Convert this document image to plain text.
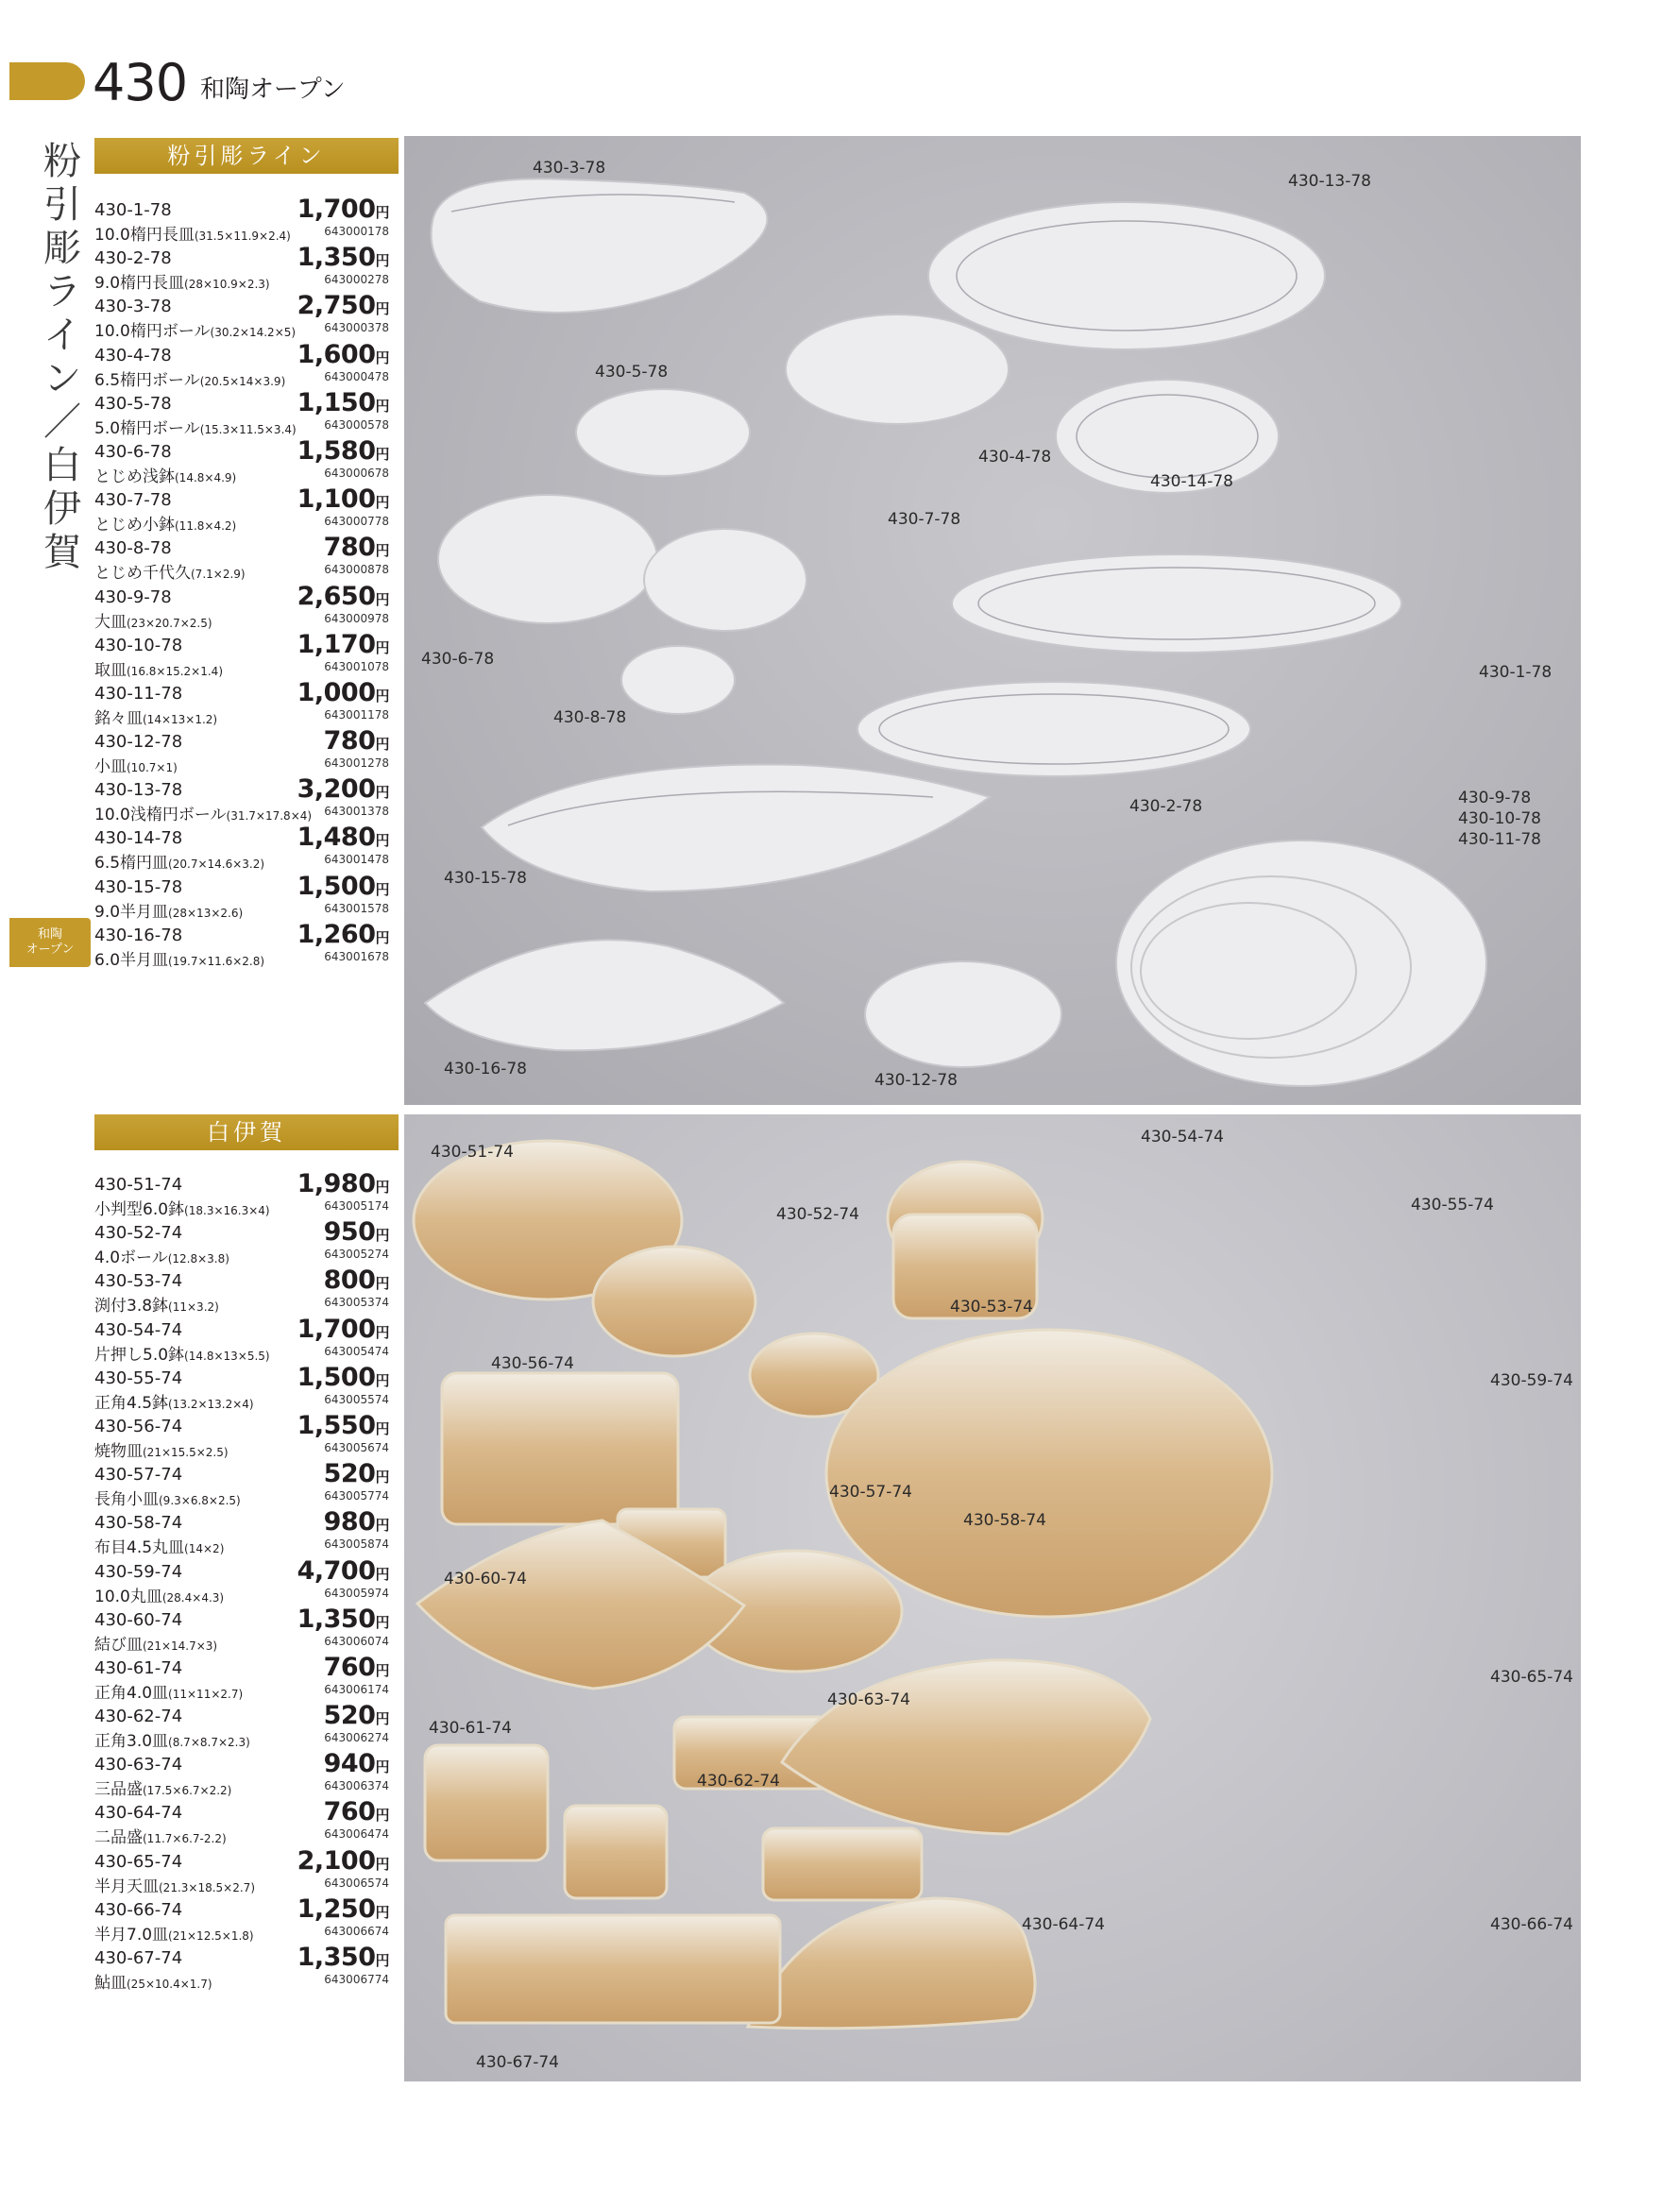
430 和陶オープン
粉引彫ライン／白伊賀
和陶
オープン
粉引彫ライン
430-1-78	1,700円
10.0楕円長皿(31.5×11.9×2.4)	643000178
430-2-78	1,350円
9.0楕円長皿(28×10.9×2.3)	643000278
430-3-78	2,750円
10.0楕円ボール(30.2×14.2×5)	643000378
430-4-78	1,600円
6.5楕円ボール(20.5×14×3.9)	643000478
430-5-78	1,150円
5.0楕円ボール(15.3×11.5×3.4) 643000578
430-6-78	1,580円
とじめ浅鉢(14.8×4.9)	643000678
430-7-78	1,100円
とじめ小鉢(11.8×4.2)	643000778
430-8-78	780円
とじめ千代久(7.1×2.9)	643000878
430-9-78	2,650円
大皿(23×20.7×2.5)	643000978
430-10-78	1,170円
取皿(16.8×15.2×1.4)	643001078
430-11-78	1,000円
銘々皿(14×13×1.2)	643001178
430-12-78	780円
小皿(10.7×1)	643001278
430-13-78	3,200円
10.0浅楕円ボール(31.7×17.8×4) 643001378
430-14-78	1,480円
6.5楕円皿(20.7×14.6×3.2)	643001478
430-15-78	1,500円
9.0半月皿(28×13×2.6)	643001578
430-16-78	1,260円
6.0半月皿(19.7×11.6×2.8)	643001678
白伊賀
430-51-74	1,980円
小判型6.0鉢(18.3×16.3×4)	643005174
430-52-74	950円
4.0ボール(12.8×3.8)	643005274
430-53-74	800円
渕付3.8鉢(11×3.2)	643005374
430-54-74	1,700円
片押し5.0鉢(14.8×13×5.5)	643005474
430-55-74	1,500円
正角4.5鉢(13.2×13.2×4)	643005574
430-56-74	1,550円
焼物皿(21×15.5×2.5)	643005674
430-57-74	520円
長角小皿(9.3×6.8×2.5)	643005774
430-58-74	980円
布目4.5丸皿(14×2)	643005874
430-59-74	4,700円
10.0丸皿(28.4×4.3)	643005974
430-60-74	1,350円
結び皿(21×14.7×3)	643006074
430-61-74	760円
正角4.0皿(11×11×2.7)	643006174
430-62-74	520円
正角3.0皿(8.7×8.7×2.3)	643006274
430-63-74	940円
三品盛(17.5×6.7×2.2)	643006374
430-64-74	760円
二品盛(11.7×6.7-2.2)	643006474
430-65-74	2,100円
半月天皿(21.3×18.5×2.7)	643006574
430-66-74	1,250円
半月7.0皿(21×12.5×1.8)	643006674
430-67-74	1,350円
鮎皿(25×10.4×1.7)	643006774
430-3-78
430-13-78
430-5-78
430-4-78
430-14-78
430-7-78
430-6-78
430-1-78
430-8-78
430-2-78	430-9-78
430-10-78
430-11-78
430-15-78
430-16-78
430-12-78
430-51-74
430-52-74
430-53-74
430-54-74
430-55-74
430-56-74
430-59-74
430-57-74
430-58-74
430-60-74
430-63-74
430-65-74
430-61-74
430-62-74
430-64-74	430-66-74
430-67-74
